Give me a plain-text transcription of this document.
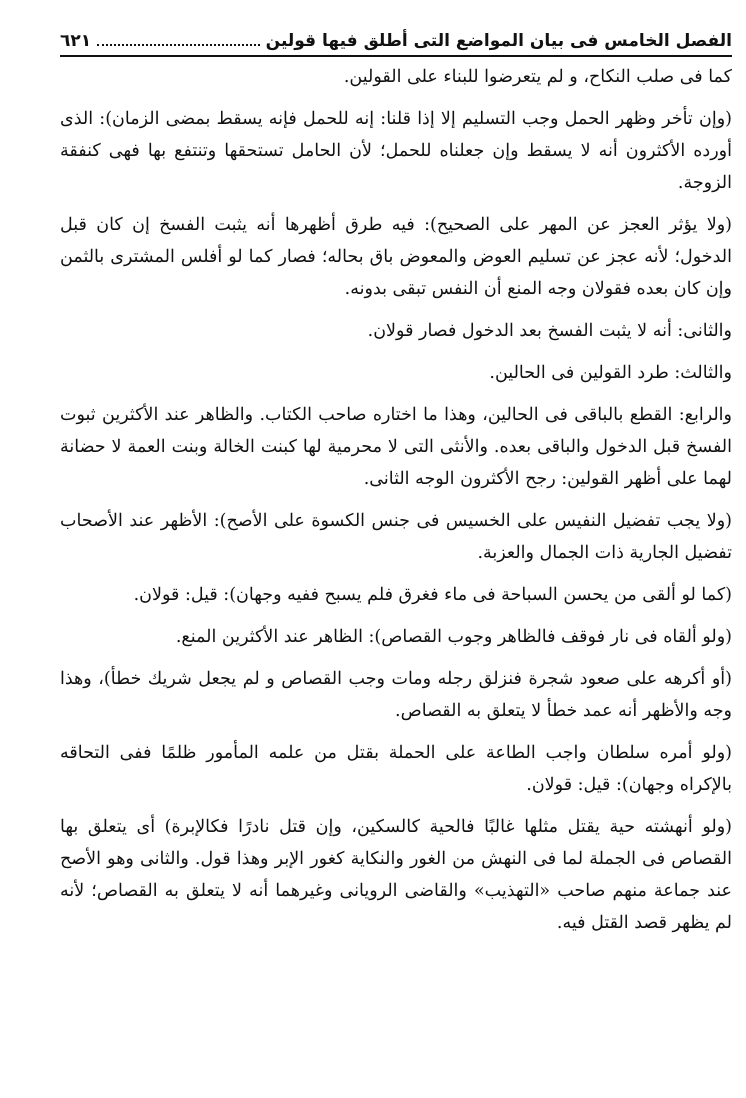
الفصل الخامس فى بيان المواضع التى أطلق فيها قولين
٦٢١

كما فى صلب النكاح، و لم يتعرضوا للبناء على القولين.

(وإن تأخر وظهر الحمل وجب التسليم إلا إذا قلنا: إنه للحمل فإنه يسقط بمضى الزمان): الذى أورده الأكثرون أنه لا يسقط وإن جعلناه للحمل؛ لأن الحامل تستحقها وتنتفع بها فهى كنفقة الزوجة.

(ولا يؤثر العجز عن المهر على الصحيح): فيه طرق أظهرها أنه يثبت الفسخ إن كان قبل الدخول؛ لأنه عجز عن تسليم العوض والمعوض باق بحاله؛ فصار كما لو أفلس المشترى بالثمن وإن كان بعده فقولان وجه المنع أن النفس تبقى بدونه.

والثانى: أنه لا يثبت الفسخ بعد الدخول فصار قولان.

والثالث: طرد القولين فى الحالين.

والرابع: القطع بالباقى فى الحالين، وهذا ما اختاره صاحب الكتاب. والظاهر عند الأكثرين ثبوت الفسخ قبل الدخول والباقى بعده. والأنثى التى لا محرمية لها كبنت الخالة وبنت العمة لا حضانة لهما على أظهر القولين: رجح الأكثرون الوجه الثانى.

(ولا يجب تفضيل النفيس على الخسيس فى جنس الكسوة على الأصح): الأظهر عند الأصحاب تفضيل الجارية ذات الجمال والعزبة.

(كما لو ألقى من يحسن السباحة فى ماء فغرق فلم يسبح ففيه وجهان): قيل: قولان.

(ولو ألقاه فى نار فوقف فالظاهر وجوب القصاص): الظاهر عند الأكثرين المنع.

(أو أكرهه على صعود شجرة فنزلق رجله ومات وجب القصاص و لم يجعل شريك خطأ)، وهذا وجه والأظهر أنه عمد خطأ لا يتعلق به القصاص.

(ولو أمره سلطان واجب الطاعة على الحملة بقتل من علمه المأمور ظلمًا ففى التحاقه بالإكراه وجهان): قيل: قولان.

(ولو أنهشته حية يقتل مثلها غالبًا فالحية كالسكين، وإن قتل نادرًا فكالإبرة) أى يتعلق بها القصاص فى الجملة لما فى النهش من الغور والنكاية كغور الإبر وهذا قول. والثانى وهو الأصح عند جماعة منهم صاحب «التهذيب» والقاضى الرويانى وغيرهما أنه لا يتعلق به القصاص؛ لأنه لم يظهر قصد القتل فيه.
